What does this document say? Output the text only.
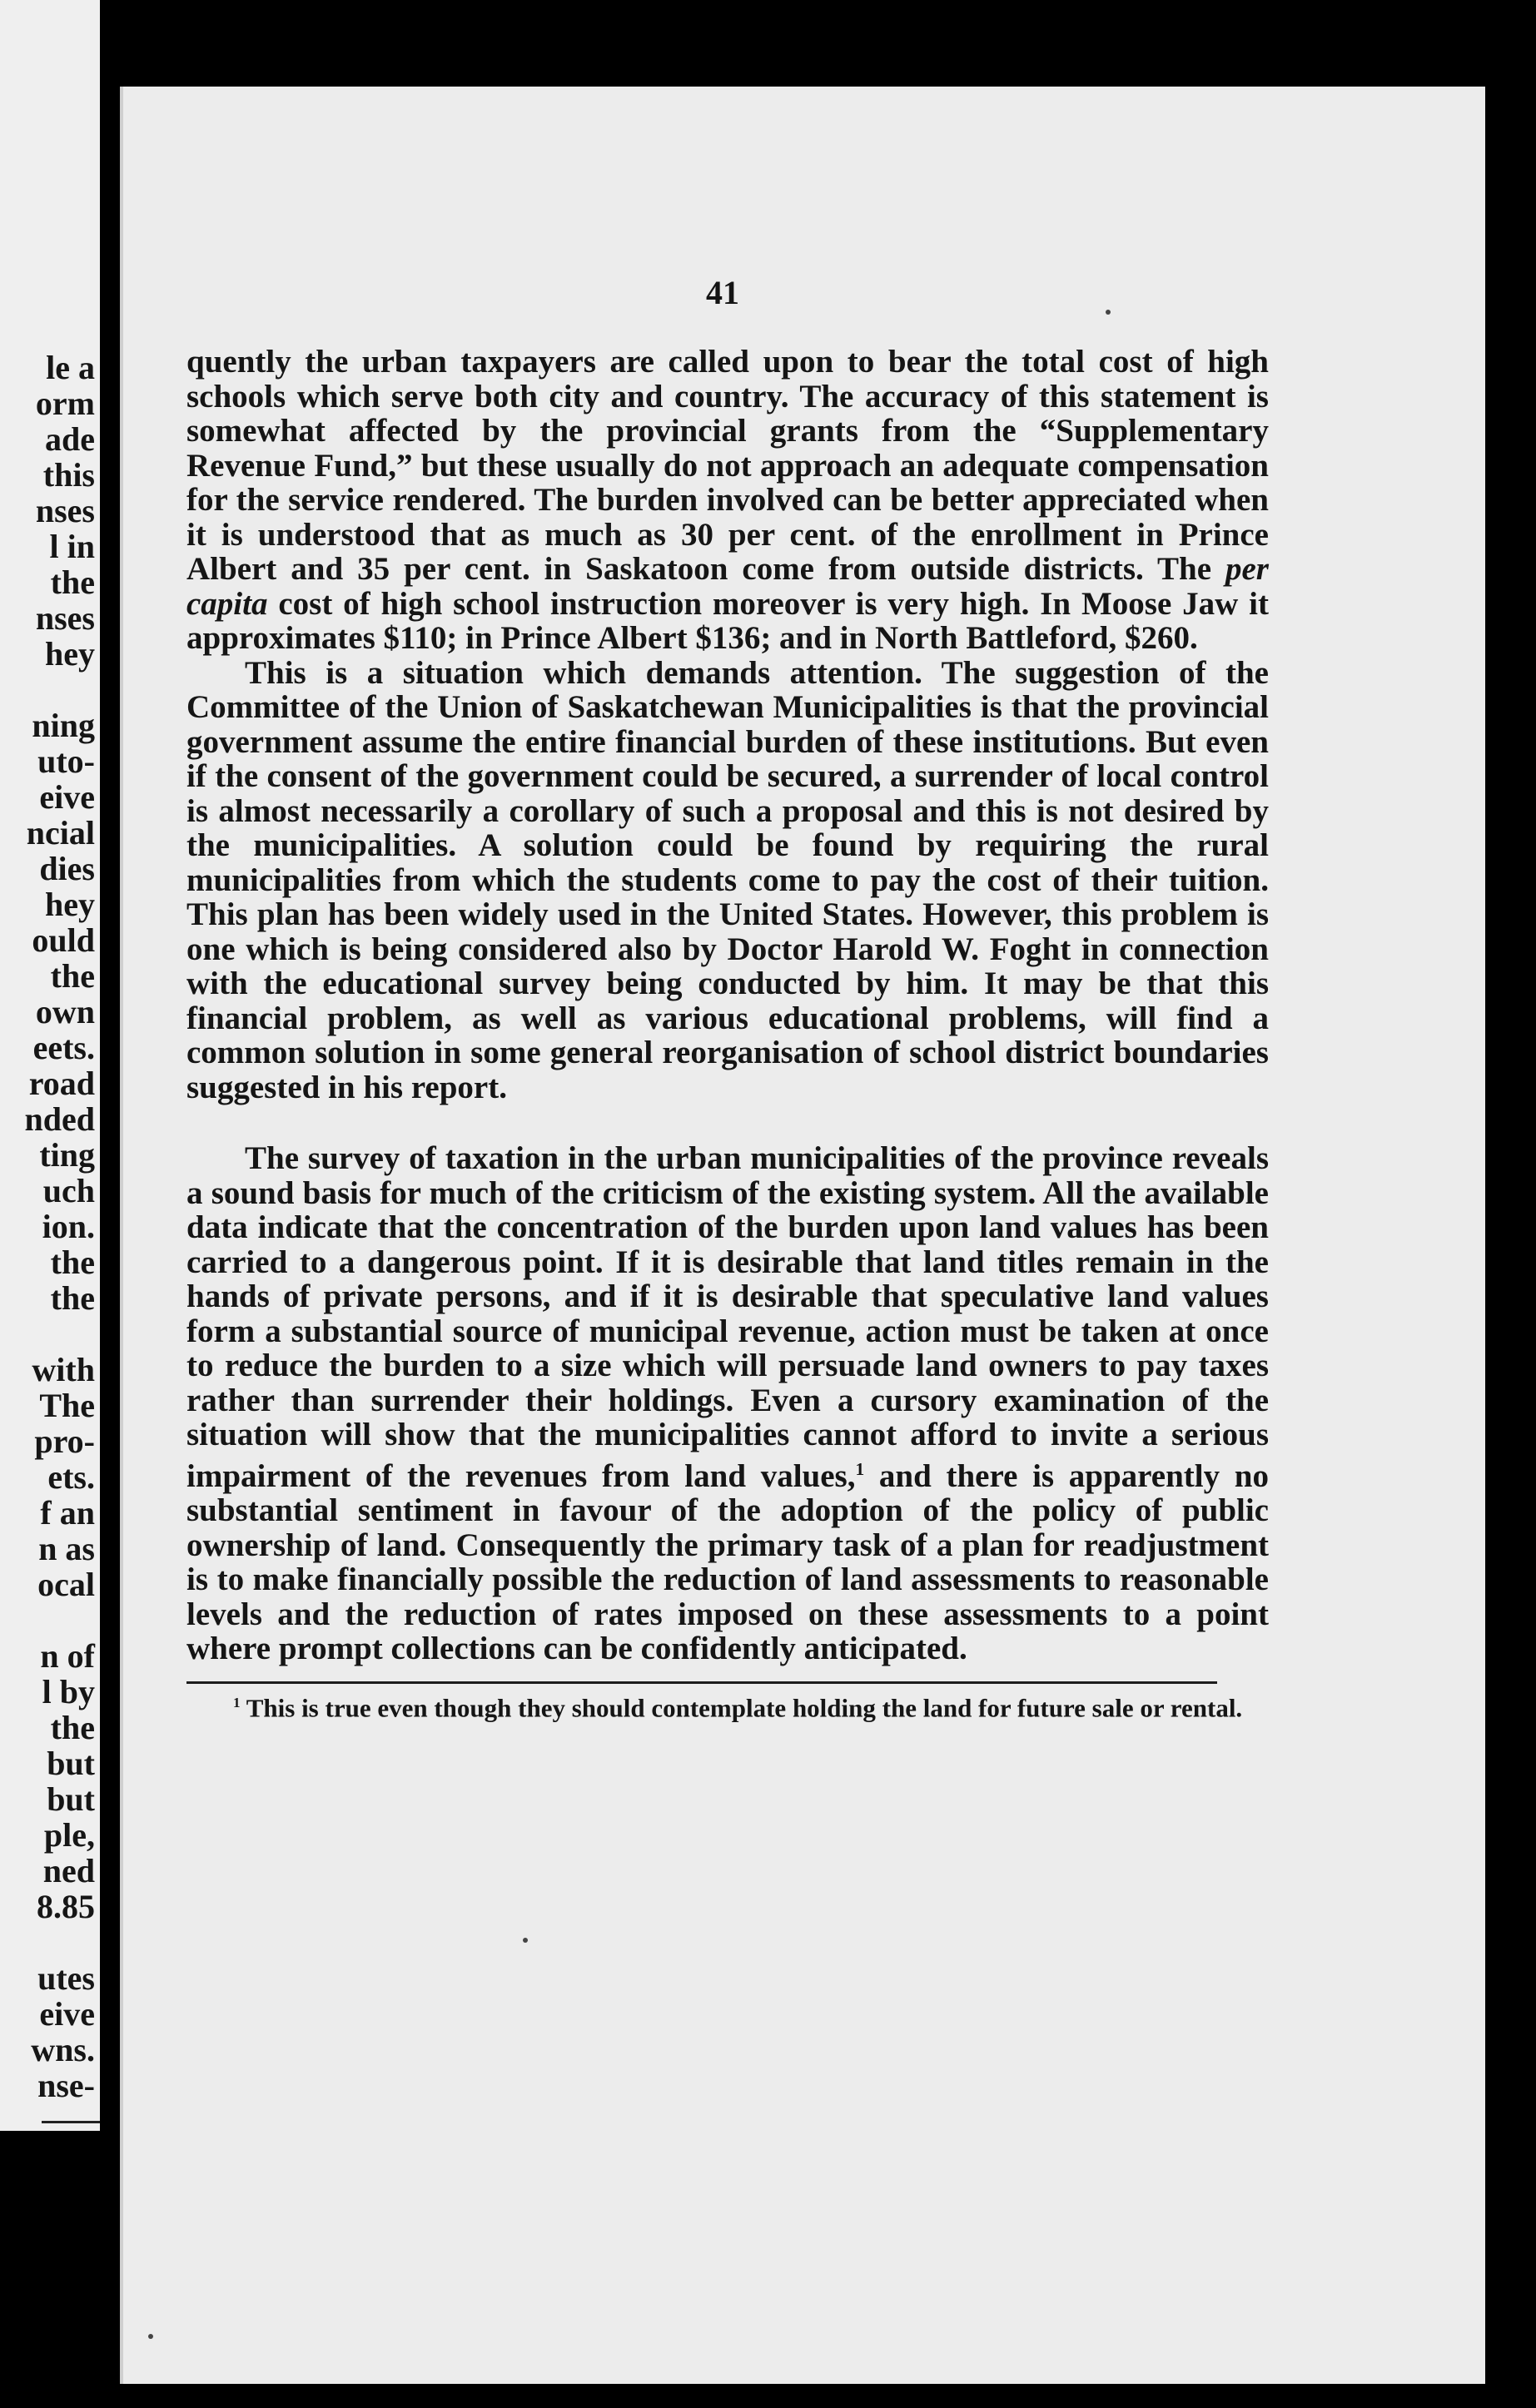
le a
orm
ade
this
nses
l in
the
nses
hey

ning
uto-
eive
ncial
dies
hey
ould
the
own
eets.
road
nded
ting
uch
ion.
the
the

with
The
pro-
ets.
f an
n as
ocal

n of
l by
the
but
but
ple,
ned
8.85

utes
eive
wns.
nse-
41

quently the urban taxpayers are called upon to bear the total cost of high schools which serve both city and country. The accuracy of this statement is somewhat affected by the provincial grants from the “Supplementary Revenue Fund,” but these usually do not approach an adequate compensation for the service rendered. The burden involved can be better appreciated when it is understood that as much as 30 per cent. of the enrollment in Prince Albert and 35 per cent. in Saskatoon come from outside districts. The per capita cost of high school instruction moreover is very high. In Moose Jaw it approximates $110; in Prince Albert $136; and in North Battleford, $260.

This is a situation which demands attention. The suggestion of the Committee of the Union of Saskatchewan Municipalities is that the provincial government assume the entire financial burden of these institutions. But even if the consent of the government could be secured, a surrender of local control is almost necessarily a corollary of such a proposal and this is not desired by the municipalities. A solution could be found by requiring the rural municipalities from which the students come to pay the cost of their tuition. This plan has been widely used in the United States. However, this problem is one which is being considered also by Doctor Harold W. Foght in connection with the educational survey being conducted by him. It may be that this financial problem, as well as various educational problems, will find a common solution in some general reorganisation of school district boundaries suggested in his report.

The survey of taxation in the urban municipalities of the province reveals a sound basis for much of the criticism of the existing system. All the available data indicate that the concentration of the burden upon land values has been carried to a dangerous point. If it is desirable that land titles remain in the hands of private persons, and if it is desirable that speculative land values form a substantial source of municipal revenue, action must be taken at once to reduce the burden to a size which will persuade land owners to pay taxes rather than surrender their holdings. Even a cursory examination of the situation will show that the municipalities cannot afford to invite a serious impairment of the revenues from land values,$^1$ and there is apparently no substantial sentiment in favour of the adoption of the policy of public ownership of land. Consequently the primary task of a plan for readjustment is to make financially possible the reduction of land assessments to reasonable levels and the reduction of rates imposed on these assessments to a point where prompt collections can be confidently anticipated.

$^1$ This is true even though they should contemplate holding the land for future sale or rental.
